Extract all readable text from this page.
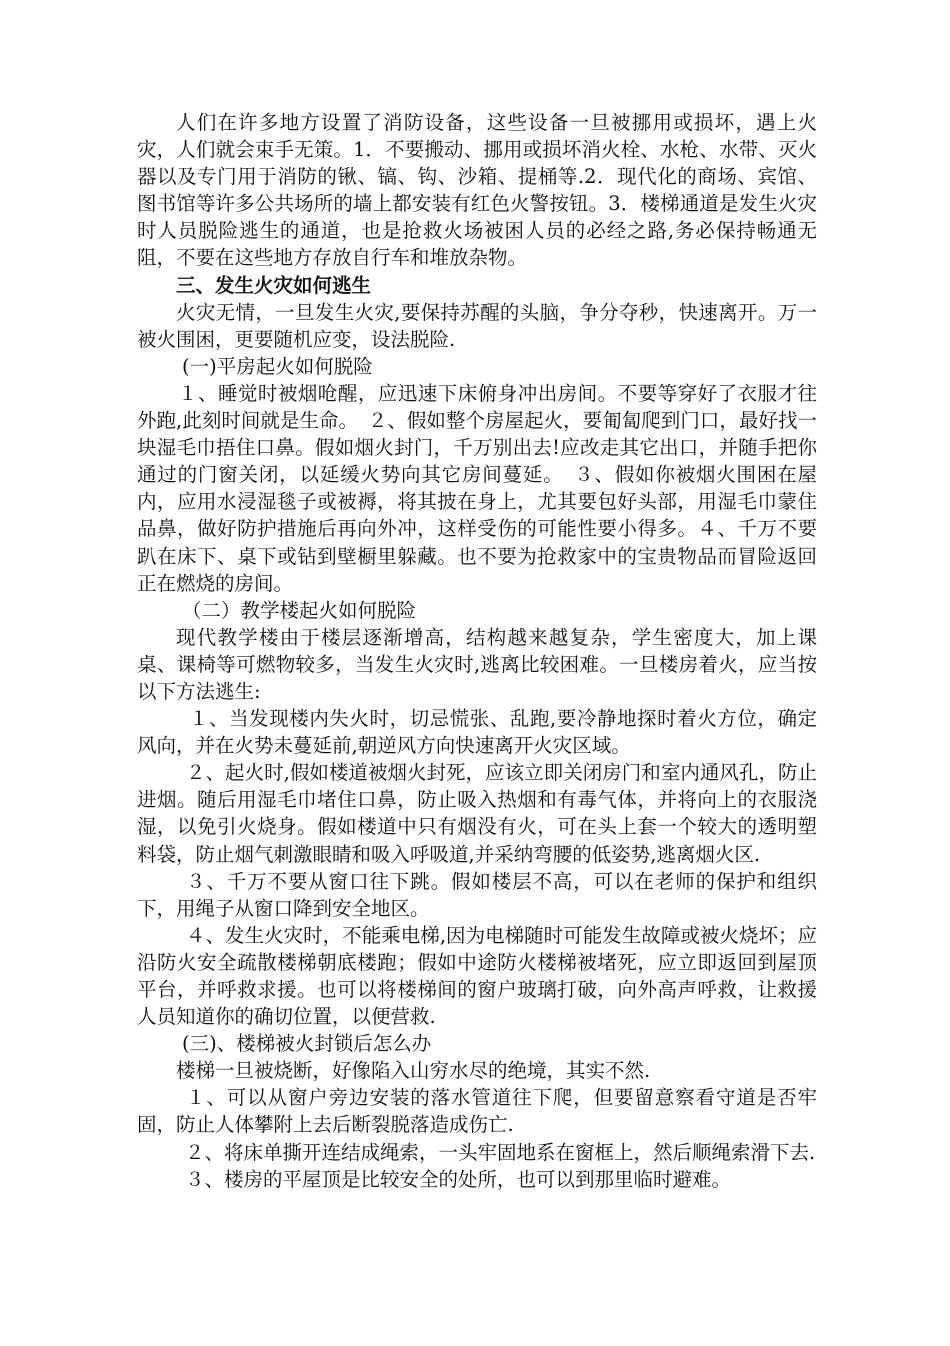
人们在许多地方设置了消防设备，这些设备一旦被挪用或损坏，遇上火灾，人们就会束手无策。1．不要搬动、挪用或损坏消火栓、水枪、水带、灭火器以及专门用于消防的锹、镐、钩、沙箱、提桶等.2．现代化的商场、宾馆、图书馆等许多公共场所的墙上都安装有红色火警按钮。3．楼梯通道是发生火灾时人员脱险逃生的通道，也是抢救火场被困人员的必经之路,务必保持畅通无阻，不要在这些地方存放自行车和堆放杂物。

三、发生火灾如何逃生

火灾无情，一旦发生火灾,要保持苏醒的头脑，争分夺秒，快速离开。万一被火围困，更要随机应变，设法脱险.

(一)平房起火如何脱险

１、睡觉时被烟呛醒，应迅速下床俯身冲出房间。不要等穿好了衣服才往外跑,此刻时间就是生命。　２、假如整个房屋起火，要匍匐爬到门口，最好找一块湿毛巾捂住口鼻。假如烟火封门，千万别出去!应改走其它出口，并随手把你通过的门窗关闭，以延缓火势向其它房间蔓延。　３、假如你被烟火围困在屋内，应用水浸湿毯子或被褥，将其披在身上，尤其要包好头部，用湿毛巾蒙住品鼻，做好防护措施后再向外冲，这样受伤的可能性要小得多。４、千万不要趴在床下、桌下或钻到壁橱里躲藏。也不要为抢救家中的宝贵物品而冒险返回正在燃烧的房间。

（二）教学楼起火如何脱险

现代教学楼由于楼层逐渐增高，结构越来越复杂，学生密度大，加上课桌、课椅等可燃物较多，当发生火灾时,逃离比较困难。一旦楼房着火，应当按以下方法逃生:

１、当发现楼内失火时，切忌慌张、乱跑,要冷静地探时着火方位，确定风向，并在火势未蔓延前,朝逆风方向快速离开火灾区域。

２、起火时,假如楼道被烟火封死，应该立即关闭房门和室内通风孔，防止进烟。随后用湿毛巾堵住口鼻，防止吸入热烟和有毒气体，并将向上的衣服浇湿，以免引火烧身。假如楼道中只有烟没有火，可在头上套一个较大的透明塑料袋，防止烟气刺激眼睛和吸入呼吸道,并采纳弯腰的低姿势,逃离烟火区.

３、千万不要从窗口往下跳。假如楼层不高，可以在老师的保护和组织下，用绳子从窗口降到安全地区。

４、发生火灾时，不能乘电梯,因为电梯随时可能发生故障或被火烧坏；应沿防火安全疏散楼梯朝底楼跑；假如中途防火楼梯被堵死，应立即返回到屋顶平台，并呼救求援。也可以将楼梯间的窗户玻璃打破，向外高声呼救，让救援人员知道你的确切位置，以便营救.

(三)、楼梯被火封锁后怎么办

楼梯一旦被烧断，好像陷入山穷水尽的绝境，其实不然.

１、可以从窗户旁边安装的落水管道往下爬，但要留意察看守道是否牢固，防止人体攀附上去后断裂脱落造成伤亡.

２、将床单撕开连结成绳索，一头牢固地系在窗框上，然后顺绳索滑下去.

３、楼房的平屋顶是比较安全的处所，也可以到那里临时避难。
